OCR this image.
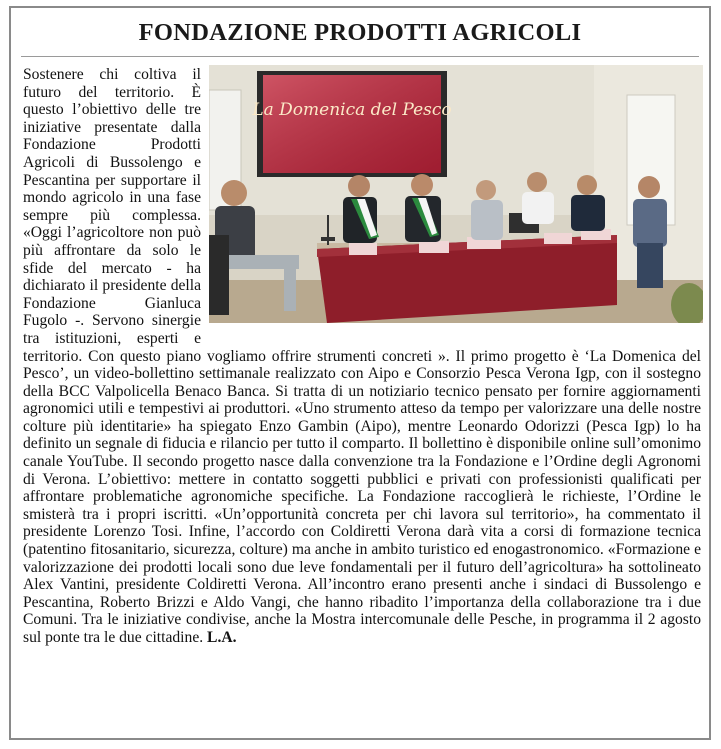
FONDAZIONE PRODOTTI AGRICOLI
La Domenica del Pesco

Sostenere chi coltiva il futuro del territorio. È questo l’obiettivo delle tre iniziative presentate dalla Fondazione Prodotti Agricoli di Bussolengo e Pescantina per supportare il mondo agricolo in una fase sempre più complessa. «Oggi l’agricoltore non può più affrontare da solo le sfide del mercato - ha dichiarato il presidente della Fondazione Gianluca Fugolo -. Servono sinergie tra istituzioni, esperti e territorio. Con questo piano vogliamo offrire strumenti concreti ». Il primo progetto è ‘La Domenica del Pesco’, un video-bollettino settimanale realizzato con Aipo e Consorzio Pesca Verona Igp, con il sostegno della BCC Valpolicella Benaco Banca. Si tratta di un notiziario tecnico pensato per fornire aggiornamenti agronomici utili e tempestivi ai produttori. «Uno strumento atteso da tempo per valorizzare una delle nostre colture più identitarie» ha spiegato Enzo Gambin (Aipo), mentre Leonardo Odorizzi (Pesca Igp) lo ha definito un segnale di fiducia e rilancio per tutto il comparto. Il bollettino è disponibile online sull’omonimo canale YouTube. Il secondo progetto nasce dalla convenzione tra la Fondazione e l’Ordine degli Agronomi di Verona. L’obiettivo: mettere in contatto soggetti pubblici e privati con professionisti qualificati per affrontare problematiche agronomiche specifiche. La Fondazione raccoglierà le richieste, l’Ordine le smisterà tra i propri iscritti. «Un’opportunità concreta per chi lavora sul territorio», ha commentato il presidente Lorenzo Tosi. Infine, l’accordo con Coldiretti Verona darà vita a corsi di formazione tecnica (patentino fitosanitario, sicurezza, colture) ma anche in ambito turistico ed enogastronomico. «Formazione e valorizzazione dei prodotti locali sono due leve fondamentali per il futuro dell’agricoltura» ha sottolineato Alex Vantini, presidente Coldiretti Verona. All’incontro erano presenti anche i sindaci di Bussolengo e Pescantina, Roberto Brizzi e Aldo Vangi, che hanno ribadito l’importanza della collaborazione tra i due Comuni. Tra le iniziative condivise, anche la Mostra intercomunale delle Pesche, in programma il 2 agosto sul ponte tra le due cittadine. L.A.
